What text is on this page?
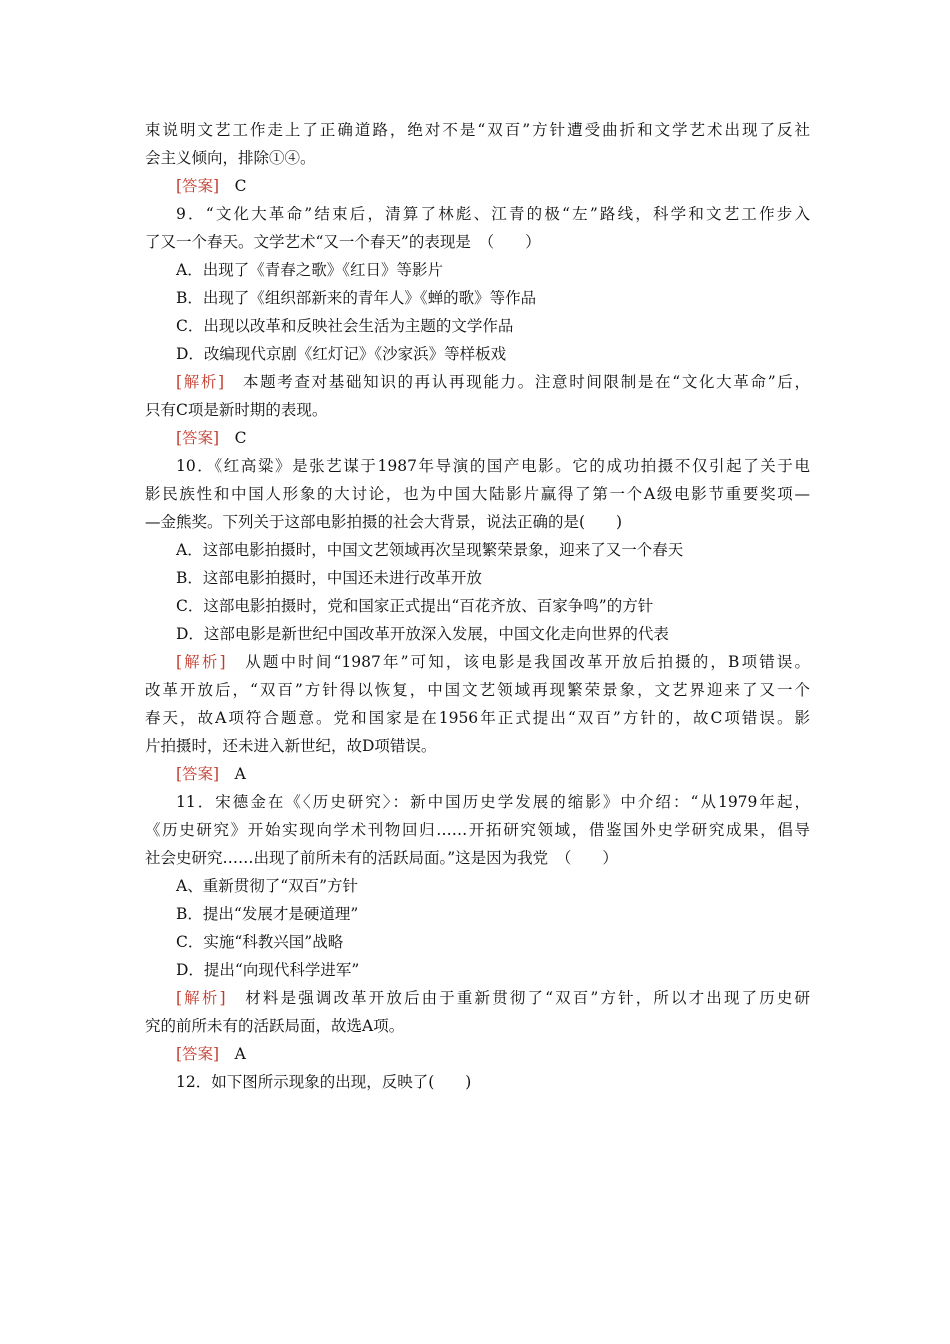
束说明文艺工作走上了正确道路，绝对不是“双百”方针遭受曲折和文学艺术出现了反社

会主义倾向，排除①④。

[答案]　 C

9．“文化大革命”结束后，清算了林彪、江青的极“左”路线，科学和文艺工作步入

了又一个春天。文学艺术“又一个春天”的表现是　（　　）

A．出现了《青春之歌》《红日》等影片

B．出现了《组织部新来的青年人》《蝉的歌》等作品

C．出现以改革和反映社会生活为主题的文学作品

D．改编现代京剧《红灯记》《沙家浜》等样板戏

[解析]　 本题考查对基础知识的再认再现能力。注意时间限制是在“文化大革命”后，

只有C项是新时期的表现。

[答案]　 C

10．《红高粱》是张艺谋于1987年导演的国产电影。它的成功拍摄不仅引起了关于电

影民族性和中国人形象的大讨论，也为中国大陆影片赢得了第一个A级电影节重要奖项—

—金熊奖。下列关于这部电影拍摄的社会大背景，说法正确的是(　　)

A．这部电影拍摄时，中国文艺领域再次呈现繁荣景象，迎来了又一个春天

B．这部电影拍摄时，中国还未进行改革开放

C．这部电影拍摄时，党和国家正式提出“百花齐放、百家争鸣”的方针

D．这部电影是新世纪中国改革开放深入发展，中国文化走向世界的代表

[解析]　 从题中时间“1987年”可知，该电影是我国改革开放后拍摄的，B项错误。

改革开放后，“双百”方针得以恢复，中国文艺领域再现繁荣景象，文艺界迎来了又一个

春天，故A项符合题意。党和国家是在1956年正式提出“双百”方针的，故C项错误。影

片拍摄时，还未进入新世纪，故D项错误。

[答案]　 A

11．宋德金在《〈历史研究〉：新中国历史学发展的缩影》中介绍：“从1979年起，

《历史研究》开始实现向学术刊物回归……开拓研究领域，借鉴国外史学研究成果，倡导

社会史研究……出现了前所未有的活跃局面。”这是因为我党　（　　）

A、重新贯彻了“双百”方针

B．提出“发展才是硬道理”

C．实施“科教兴国”战略

D．提出“向现代科学进军”

[解析]　 材料是强调改革开放后由于重新贯彻了“双百”方针，所以才出现了历史研

究的前所未有的活跃局面，故选A项。

[答案]　 A

12．如下图所示现象的出现，反映了(　　)
